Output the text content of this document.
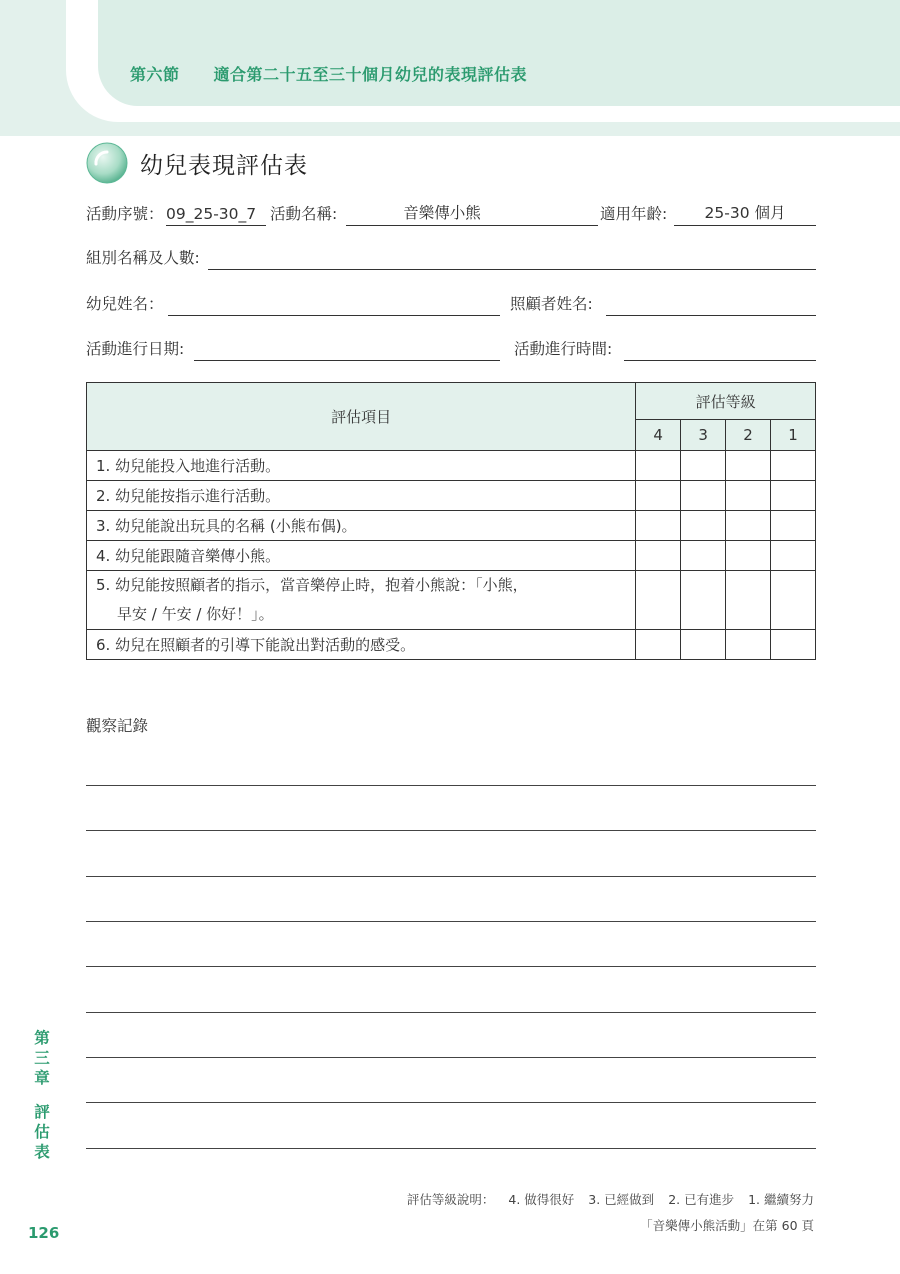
第六節 適合第二十五至三十個月幼兒的表現評估表
幼兒表現評估表
活動序號： 09_25-30_7 活動名稱:	音樂傳小熊	適用年齡:	25-30 個月
組別名稱及人數:
幼兒姓名：	照顧者姓名:
活動進行日期:	活動進行時間:
評估項目	評估等級			
	4	3	2	1
1. 幼兒能投入地進行活動。				
2. 幼兒能按指示進行活動。				
3. 幼兒能說出玩具的名稱 (小熊布偶)。				
4. 幼兒能跟隨音樂傳小熊。				

5. 幼兒能按照顧者的指示，當音樂停止時，抱着小熊說：「小熊，
早安 / 午安 / 你好！」。				

6. 幼兒在照顧者的引導下能說出對活動的感受。				
觀察記錄
第
三
章
評
估
表
126
評估等級說明： 4. 做得很好 3. 已經做到 2. 已有進步 1. 繼續努力
「音樂傳小熊活動」在第 60 頁
